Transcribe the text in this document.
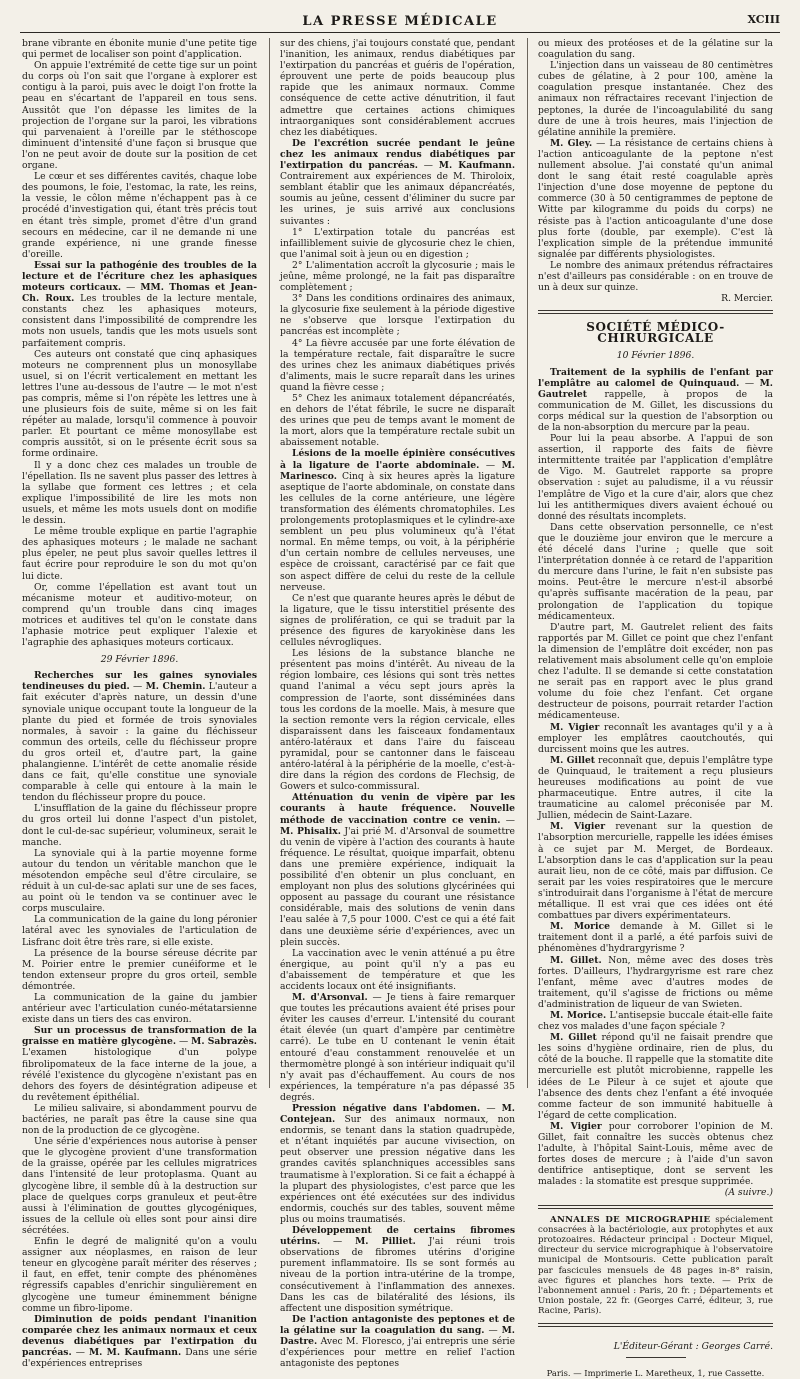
LA PRESSE MÉDICALE	XCIII

brane vibrante en ébonite munie d'une petite tige qui permet de localiser son point d'application.

On appuie l'extrémité de cette tige sur un point du corps où l'on sait que l'organe à explorer est contigu à la paroi, puis avec le doigt l'on frotte la peau en s'écartant de l'appareil en tous sens. Aussitôt que l'on dépasse les limites de la projection de l'organe sur la paroi, les vibrations qui parvenaient à l'oreille par le stéthoscope diminuent d'intensité d'une façon si brusque que l'on ne peut avoir de doute sur la position de cet organe.

Le cœur et ses différentes cavités, chaque lobe des poumons, le foie, l'estomac, la rate, les reins, la vessie, le côlon même n'échappent pas à ce procédé d'investigation qui, étant très précis tout en étant très simple, promet d'être d'un grand secours en médecine, car il ne demande ni une grande expérience, ni une grande finesse d'oreille.

Essai sur la pathogénie des troubles de la lecture et de l'écriture chez les aphasiques moteurs corticaux. — MM. Thomas et Jean-Ch. Roux. Les troubles de la lecture mentale, constants chez les aphasiques moteurs, consistent dans l'impossibilité de comprendre les mots non usuels, tandis que les mots usuels sont parfaitement compris.

Ces auteurs ont constaté que cinq aphasiques moteurs ne comprennent plus un monosyllabe usuel, si on l'écrit verticalement en mettant les lettres l'une au-dessous de l'autre — le mot n'est pas compris, même si l'on répète les lettres une à une plusieurs fois de suite, même si on les fait répéter au malade, lorsqu'il commence à pouvoir parler. Et pourtant ce même monosyllabe est compris aussitôt, si on le présente écrit sous sa forme ordinaire.

Il y a donc chez ces malades un trouble de l'épellation. Ils ne savent plus passer des lettres à la syllabe que forment ces lettres ; et cela explique l'impossibilité de lire les mots non usuels, et même les mots usuels dont on modifie le dessin.

Le même trouble explique en partie l'agraphie des aphasiques moteurs ; le malade ne sachant plus épeler, ne peut plus savoir quelles lettres il faut écrire pour reproduire le son du mot qu'on lui dicte.

Or, comme l'épellation est avant tout un mécanisme moteur et auditivo-moteur, on comprend qu'un trouble dans cinq images motrices et auditives tel qu'on le constate dans l'aphasie motrice peut expliquer l'alexie et l'agraphie des aphasiques moteurs corticaux.

29 Février 1896.

Recherches sur les gaines synoviales tendineuses du pied. — M. Chemin. L'auteur a fait exécuter d'après nature, un dessin d'une synoviale unique occupant toute la longueur de la plante du pied et formée de trois synoviales normales, à savoir : la gaine du fléchisseur commun des orteils, celle du fléchisseur propre du gros orteil et, d'autre part, la gaine phalangienne. L'intérêt de cette anomalie réside dans ce fait, qu'elle constitue une synoviale comparable à celle qui entoure à la main le tendon du fléchisseur propre du pouce.

L'insufflation de la gaine du fléchisseur propre du gros orteil lui donne l'aspect d'un pistolet, dont le cul-de-sac supérieur, volumineux, serait le manche.

La synoviale qui à la partie moyenne forme autour du tendon un véritable manchon que le mésotendon empêche seul d'être circulaire, se réduit à un cul-de-sac aplati sur une de ses faces, au point où le tendon va se continuer avec le corps musculaire.

La communication de la gaine du long péronier latéral avec les synoviales de l'articulation de Lisfranc doit être très rare, si elle existe.

La présence de la bourse séreuse décrite par M. Poirier entre le premier cunéiforme et le tendon extenseur propre du gros orteil, semble démontrée.

La communication de la gaine du jambier antérieur avec l'articulation cunéo-métatarsienne existe dans un tiers des cas environ.

Sur un processus de transformation de la graisse en matière glycogène. — M. Sabrazès. L'examen histologique d'un polype fibrolipomateux de la face interne de la joue, a révélé l'existence du glycogène n'existant pas en dehors des foyers de désintégration adipeuse et du revêtement épithélial.

Le milieu salivaire, si abondamment pourvu de bactéries, ne paraît pas être la cause sine qua non de la production de ce glycogène.

Une série d'expériences nous autorise à penser que le glycogène provient d'une transformation de la graisse, opérée par les cellules migratrices dans l'intensité de leur protoplasma. Quant au glycogène libre, il semble dû à la destruction sur place de quelques corps granuleux et peut-être aussi à l'élimination de gouttes glycogéniques, issues de la cellule où elles sont pour ainsi dire sécrétées.

Enfin le degré de malignité qu'on a voulu assigner aux néoplasmes, en raison de leur teneur en glycogène paraît mériter des réserves ; il faut, en effet, tenir compte des phénomènes régressifs capables d'enrichir singulièrement en glycogène une tumeur éminemment bénigne comme un fibro-lipome.

Diminution de poids pendant l'inanition comparée chez les animaux normaux et ceux devenus diabétiques par l'extirpation du pancréas. — M. M. Kaufmann. Dans une série d'expériences entreprises

sur des chiens, j'ai toujours constaté que, pendant l'inanition, les animaux, rendus diabétiques par l'extirpation du pancréas et guéris de l'opération, éprouvent une perte de poids beaucoup plus rapide que les animaux normaux. Comme conséquence de cette active dénutrition, il faut admettre que certaines actions chimiques intraorganiques sont considérablement accrues chez les diabétiques.

De l'excrétion sucrée pendant le jeûne chez les animaux rendus diabétiques par l'extirpation du pancréas. — M. Kaufmann. Contrairement aux expériences de M. Thiroloix, semblant établir que les animaux dépancréatés, soumis au jeûne, cessent d'éliminer du sucre par les urines, je suis arrivé aux conclusions suivantes :

1° L'extirpation totale du pancréas est infailliblement suivie de glycosurie chez le chien, que l'animal soit à jeun ou en digestion ;

2° L'alimentation accroît la glycosurie ; mais le jeûne, même prolongé, ne la fait pas disparaître complètement ;

3° Dans les conditions ordinaires des animaux, la glycosurie fixe seulement à la période digestive ne s'observe que lorsque l'extirpation du pancréas est incomplète ;

4° La fièvre accusée par une forte élévation de la température rectale, fait disparaître le sucre des urines chez les animaux diabétiques privés d'aliments, mais le sucre reparaît dans les urines quand la fièvre cesse ;

5° Chez les animaux totalement dépancréatés, en dehors de l'état fébrile, le sucre ne disparaît des urines que peu de temps avant le moment de la mort, alors que la température rectale subit un abaissement notable.

Lésions de la moelle épinière consécutives à la ligature de l'aorte abdominale. — M. Marinesco. Cinq à six heures après la ligature aseptique de l'aorte abdominale, on constate dans les cellules de la corne antérieure, une légère transformation des éléments chromatophiles. Les prolongements protoplasmiques et le cylindre-axe semblent un peu plus volumineux qu'à l'état normal. En même temps, ou voit, à la périphérie d'un certain nombre de cellules nerveuses, une espèce de croissant, caractérisé par ce fait que son aspect diffère de celui du reste de la cellule nerveuse.

Ce n'est que quarante heures après le début de la ligature, que le tissu interstitiel présente des signes de prolifération, ce qui se traduit par la présence des figures de karyokinèse dans les cellules névrogliques.

Les lésions de la substance blanche ne présentent pas moins d'intérêt. Au niveau de la région lombaire, ces lésions qui sont très nettes quand l'animal a vécu sept jours après la compression de l'aorte, sont disséminées dans tous les cordons de la moelle. Mais, à mesure que la section remonte vers la région cervicale, elles disparaissent dans les faisceaux fondamentaux antéro-latéraux et dans l'aire du faisceau pyramidal, pour se cantonner dans le faisceau antéro-latéral à la périphérie de la moelle, c'est-à-dire dans la région des cordons de Flechsig, de Gowers et sulco-commissural.

Atténuation du venin de vipère par les courants à haute fréquence. Nouvelle méthode de vaccination contre ce venin. — M. Phisalix. J'ai prié M. d'Arsonval de soumettre du venin de vipère à l'action des courants à haute fréquence. Le résultat, quoique imparfait, obtenu dans une première expérience, indiquait la possibilité d'en obtenir un plus concluant, en employant non plus des solutions glycérinées qui opposent au passage du courant une résistance considérable, mais des solutions de venin dans l'eau salée à 7,5 pour 1000. C'est ce qui a été fait dans une deuxième série d'expériences, avec un plein succès.

La vaccination avec le venin atténué a pu être énergique, au point qu'il n'y a pas eu d'abaissement de température et que les accidents locaux ont été insignifiants.

M. d'Arsonval. — Je tiens à faire remarquer que toutes les précautions avaient été prises pour éviter les causes d'erreur. L'intensité du courant était élevée (un quart d'ampère par centimètre carré). Le tube en U contenant le venin était entouré d'eau constamment renouvelée et un thermomètre plongé à son intérieur indiquait qu'il n'y avait pas d'échauffement. Au cours de nos expériences, la température n'a pas dépassé 35 degrés.

Pression négative dans l'abdomen. — M. Contejean. Sur des animaux normaux, non endormis, se tenant dans la station quadrupède, et n'étant inquiétés par aucune vivisection, on peut observer une pression négative dans les grandes cavités splanchniques accessibles sans traumatisme à l'exploration. Si ce fait a échappé à la plupart des physiologistes, c'est parce que les expériences ont été exécutées sur des individus endormis, couchés sur des tables, souvent même plus ou moins traumatisés.

Développement de certains fibromes utérins. — M. Pilliet. J'ai réuni trois observations de fibromes utérins d'origine purement inflammatoire. Ils se sont formés au niveau de la portion intra-utérine de la trompe, consécutivement à l'inflammation des annexes. Dans les cas de bilatéralité des lésions, ils affectent une disposition symétrique.

De l'action antagoniste des peptones et de la gélatine sur la coagulation du sang. — M. Dastre. Avec M. Floresco, j'ai entrepris une série d'expériences pour mettre en relief l'action antagoniste des peptones

ou mieux des protéoses et de la gélatine sur la coagulation du sang.

L'injection dans un vaisseau de 80 centimètres cubes de gélatine, à 2 pour 100, amène la coagulation presque instantanée. Chez des animaux non réfractaires recevant l'injection de peptones, la durée de l'incoagulabilité du sang dure de une à trois heures, mais l'injection de gélatine annihile la première.

M. Gley. — La résistance de certains chiens à l'action anticoagulante de la peptone n'est nullement absolue. J'ai constaté qu'un animal dont le sang était resté coagulable après l'injection d'une dose moyenne de peptone du commerce (30 à 50 centigrammes de peptone de Witte par kilogramme du poids du corps) ne résiste pas à l'action anticoagulante d'une dose plus forte (double, par exemple). C'est là l'explication simple de la prétendue immunité signalée par différents physiologistes.

Le nombre des animaux prétendus réfractaires n'est d'ailleurs pas considérable : on en trouve de un à deux sur quinze.

R. Mercier.

SOCIÉTÉ MÉDICO-CHIRURGICALE

10 Février 1896.

Traitement de la syphilis de l'enfant par l'emplâtre au calomel de Quinquaud. — M. Gautrelet rappelle, à propos de la communication de M. Gillet, les discussions du corps médical sur la question de l'absorption ou de la non-absorption du mercure par la peau.

Pour lui la peau absorbe. A l'appui de son assertion, il rapporte des faits de fièvre intermittente traitée par l'application d'emplâtre de Vigo. M. Gautrelet rapporte sa propre observation : sujet au paludisme, il a vu réussir l'emplâtre de Vigo et la cure d'air, alors que chez lui les antithermiques divers avaient échoué ou donné des résultats incomplets.

Dans cette observation personnelle, ce n'est que le douzième jour environ que le mercure a été décelé dans l'urine ; quelle que soit l'interprétation donnée à ce retard de l'apparition du mercure dans l'urine, le fait n'en subsiste pas moins. Peut-être le mercure n'est-il absorbé qu'après suffisante macération de la peau, par prolongation de l'application du topique médicamenteux.

D'autre part, M. Gautrelet relient des faits rapportés par M. Gillet ce point que chez l'enfant la dimension de l'emplâtre doit excéder, non pas relativement mais absolument celle qu'on emploie chez l'adulte. Il se demande si cette constatation ne serait pas en rapport avec le plus grand volume du foie chez l'enfant. Cet organe destructeur de poisons, pourrait retarder l'action médicamenteuse.

M. Vigier reconnaît les avantages qu'il y a à employer les emplâtres caoutchoutés, qui durcissent moins que les autres.

M. Gillet reconnaît que, depuis l'emplâtre type de Quinquaud, le traitement a reçu plusieurs heureuses modifications au point de vue pharmaceutique. Entre autres, il cite la traumaticine au calomel préconisée par M. Jullien, médecin de Saint-Lazare.

M. Vigier revenant sur la question de l'absorption mercurielle, rappelle les idées émises à ce sujet par M. Merget, de Bordeaux. L'absorption dans le cas d'application sur la peau aurait lieu, non de ce côté, mais par diffusion. Ce serait par les voies respiratoires que le mercure s'introduirait dans l'organisme à l'état de mercure métallique. Il est vrai que ces idées ont été combattues par divers expérimentateurs.

M. Morice demande à M. Gillet si le traitement dont il a parlé, a été parfois suivi de phénomènes d'hydrargyrisme ?

M. Gillet. Non, même avec des doses très fortes. D'ailleurs, l'hydrargyrisme est rare chez l'enfant, même avec d'autres modes de traitement, qu'il s'agisse de frictions ou même d'administration de liqueur de van Swieten.

M. Morice. L'antisepsie buccale était-elle faite chez vos malades d'une façon spéciale ?

M. Gillet répond qu'il ne faisait prendre que les soins d'hygiène ordinaire, rien de plus, du côté de la bouche. Il rappelle que la stomatite dite mercurielle est plutôt microbienne, rappelle les idées de Le Pileur à ce sujet et ajoute que l'absence des dents chez l'enfant a été invoquée comme facteur de son immunité habituelle à l'égard de cette complication.

M. Vigier pour corroborer l'opinion de M. Gillet, fait connaître les succès obtenus chez l'adulte, à l'hôpital Saint-Louis, même avec de fortes doses de mercure ; à l'aide d'un savon dentifrice antiseptique, dont se servent les malades : la stomatite est presque supprimée.

(A suivre.)

ANNALES DE MICROGRAPHIE spécialement consacrées à la bactériologie, aux protophytes et aux protozoaires. Rédacteur principal : Docteur Miquel, directeur du service micrographique à l'observatoire municipal de Montsouris. Cette publication paraît par fascicules mensuels de 48 pages in-8° raisin, avec figures et planches hors texte. — Prix de l'abonnement annuel : Paris, 20 fr. ; Départements et Union postale, 22 fr. (Georges Carré, éditeur, 3, rue Racine, Paris).

L'Éditeur-Gérant : Georges Carré.

Paris. — Imprimerie L. Maretheux, 1, rue Cassette.
